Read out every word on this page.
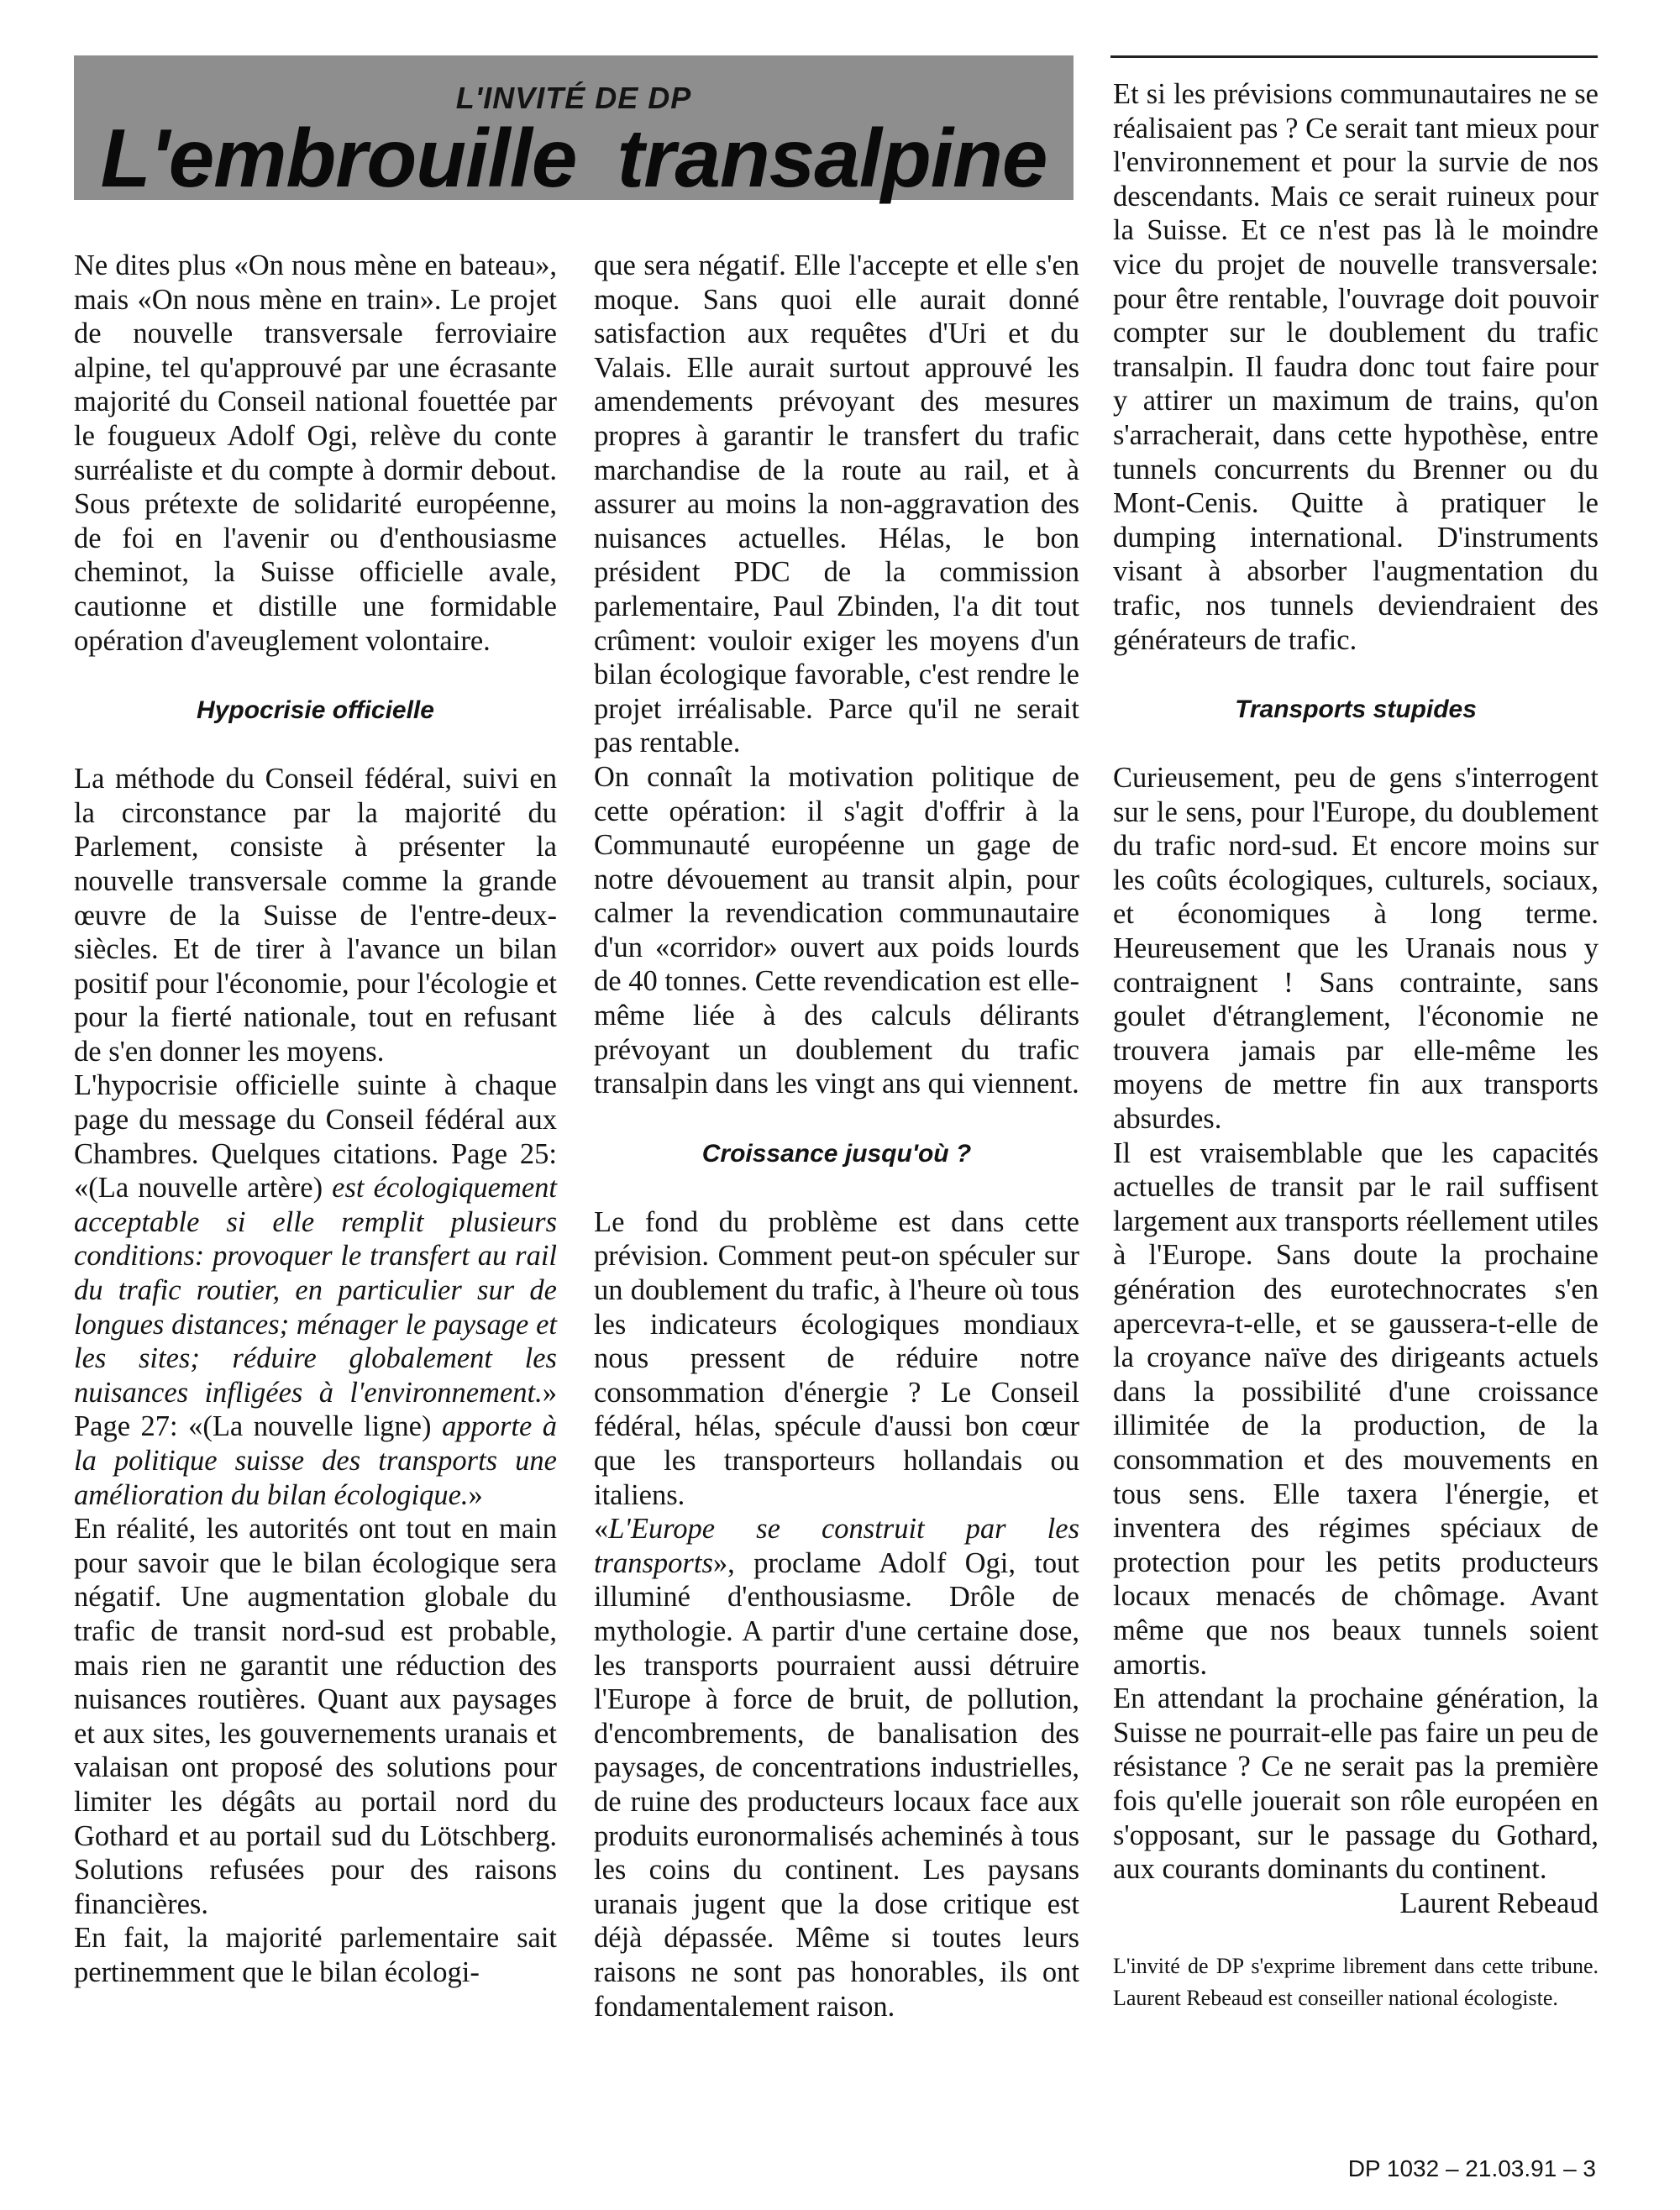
L'INVITÉ DE DP
L'embrouille transalpine

Ne dites plus «On nous mène en bateau», mais «On nous mène en train». Le projet de nouvelle transversale ferroviaire alpine, tel qu'approuvé par une écrasante majorité du Conseil national fouettée par le fougueux Adolf Ogi, relève du conte surréaliste et du compte à dormir debout. Sous prétexte de solidarité européenne, de foi en l'avenir ou d'enthousiasme cheminot, la Suisse officielle avale, cautionne et distille une formidable opération d'aveuglement volontaire.

Hypocrisie officielle

La méthode du Conseil fédéral, suivi en la circonstance par la majorité du Parlement, consiste à présenter la nouvelle transversale comme la grande œuvre de la Suisse de l'entre-deux-siècles. Et de tirer à l'avance un bilan positif pour l'économie, pour l'écologie et pour la fierté nationale, tout en refusant de s'en donner les moyens.

L'hypocrisie officielle suinte à chaque page du message du Conseil fédéral aux Chambres. Quelques citations. Page 25: «(La nouvelle artère) est écologiquement acceptable si elle remplit plusieurs conditions: provoquer le transfert au rail du trafic routier, en particulier sur de longues distances; ménager le paysage et les sites; réduire globalement les nuisances infligées à l'environnement.» Page 27: «(La nouvelle ligne) apporte à la politique suisse des transports une amélioration du bilan écologique.»

En réalité, les autorités ont tout en main pour savoir que le bilan écologique sera négatif. Une augmentation globale du trafic de transit nord-sud est probable, mais rien ne garantit une réduction des nuisances routières. Quant aux paysages et aux sites, les gouvernements uranais et valaisan ont proposé des solutions pour limiter les dégâts au portail nord du Gothard et au portail sud du Lötschberg. Solutions refusées pour des raisons financières.

En fait, la majorité parlementaire sait pertinemment que le bilan écologi-

que sera négatif. Elle l'accepte et elle s'en moque. Sans quoi elle aurait donné satisfaction aux requêtes d'Uri et du Valais. Elle aurait surtout approuvé les amendements prévoyant des mesures propres à garantir le transfert du trafic marchandise de la route au rail, et à assurer au moins la non-aggravation des nuisances actuelles. Hélas, le bon président PDC de la commission parlementaire, Paul Zbinden, l'a dit tout crûment: vouloir exiger les moyens d'un bilan écologique favorable, c'est rendre le projet irréalisable. Parce qu'il ne serait pas rentable.

On connaît la motivation politique de cette opération: il s'agit d'offrir à la Communauté européenne un gage de notre dévouement au transit alpin, pour calmer la revendication communautaire d'un «corridor» ouvert aux poids lourds de 40 tonnes. Cette revendication est elle-même liée à des calculs délirants prévoyant un doublement du trafic transalpin dans les vingt ans qui viennent.

Croissance jusqu'où ?

Le fond du problème est dans cette prévision. Comment peut-on spéculer sur un doublement du trafic, à l'heure où tous les indicateurs écologiques mondiaux nous pressent de réduire notre consommation d'énergie ? Le Conseil fédéral, hélas, spécule d'aussi bon cœur que les transporteurs hollandais ou italiens.

«L'Europe se construit par les transports», proclame Adolf Ogi, tout illuminé d'enthousiasme. Drôle de mythologie. A partir d'une certaine dose, les transports pourraient aussi détruire l'Europe à force de bruit, de pollution, d'encombrements, de banalisation des paysages, de concentrations industrielles, de ruine des producteurs locaux face aux produits euronormalisés acheminés à tous les coins du continent. Les paysans uranais jugent que la dose critique est déjà dépassée. Même si toutes leurs raisons ne sont pas honorables, ils ont fondamentalement raison.

Et si les prévisions communautaires ne se réalisaient pas ? Ce serait tant mieux pour l'environnement et pour la survie de nos descendants. Mais ce serait ruineux pour la Suisse. Et ce n'est pas là le moindre vice du projet de nouvelle transversale: pour être rentable, l'ouvrage doit pouvoir compter sur le doublement du trafic transalpin. Il faudra donc tout faire pour y attirer un maximum de trains, qu'on s'arracherait, dans cette hypothèse, entre tunnels concurrents du Brenner ou du Mont-Cenis. Quitte à pratiquer le dumping international. D'instruments visant à absorber l'augmentation du trafic, nos tunnels deviendraient des générateurs de trafic.

Transports stupides

Curieusement, peu de gens s'interrogent sur le sens, pour l'Europe, du doublement du trafic nord-sud. Et encore moins sur les coûts écologiques, culturels, sociaux, et économiques à long terme. Heureusement que les Uranais nous y contraignent ! Sans contrainte, sans goulet d'étranglement, l'économie ne trouvera jamais par elle-même les moyens de mettre fin aux transports absurdes.

Il est vraisemblable que les capacités actuelles de transit par le rail suffisent largement aux transports réellement utiles à l'Europe. Sans doute la prochaine génération des eurotechnocrates s'en apercevra-t-elle, et se gaussera-t-elle de la croyance naïve des dirigeants actuels dans la possibilité d'une croissance illimitée de la production, de la consommation et des mouvements en tous sens. Elle taxera l'énergie, et inventera des régimes spéciaux de protection pour les petits producteurs locaux menacés de chômage. Avant même que nos beaux tunnels soient amortis.

En attendant la prochaine génération, la Suisse ne pourrait-elle pas faire un peu de résistance ? Ce ne serait pas la première fois qu'elle jouerait son rôle européen en s'opposant, sur le passage du Gothard, aux courants dominants du continent.

Laurent Rebeaud
L'invité de DP s'exprime librement dans cette tribune. Laurent Rebeaud est conseiller national écologiste.
DP 1032 – 21.03.91 – 3
